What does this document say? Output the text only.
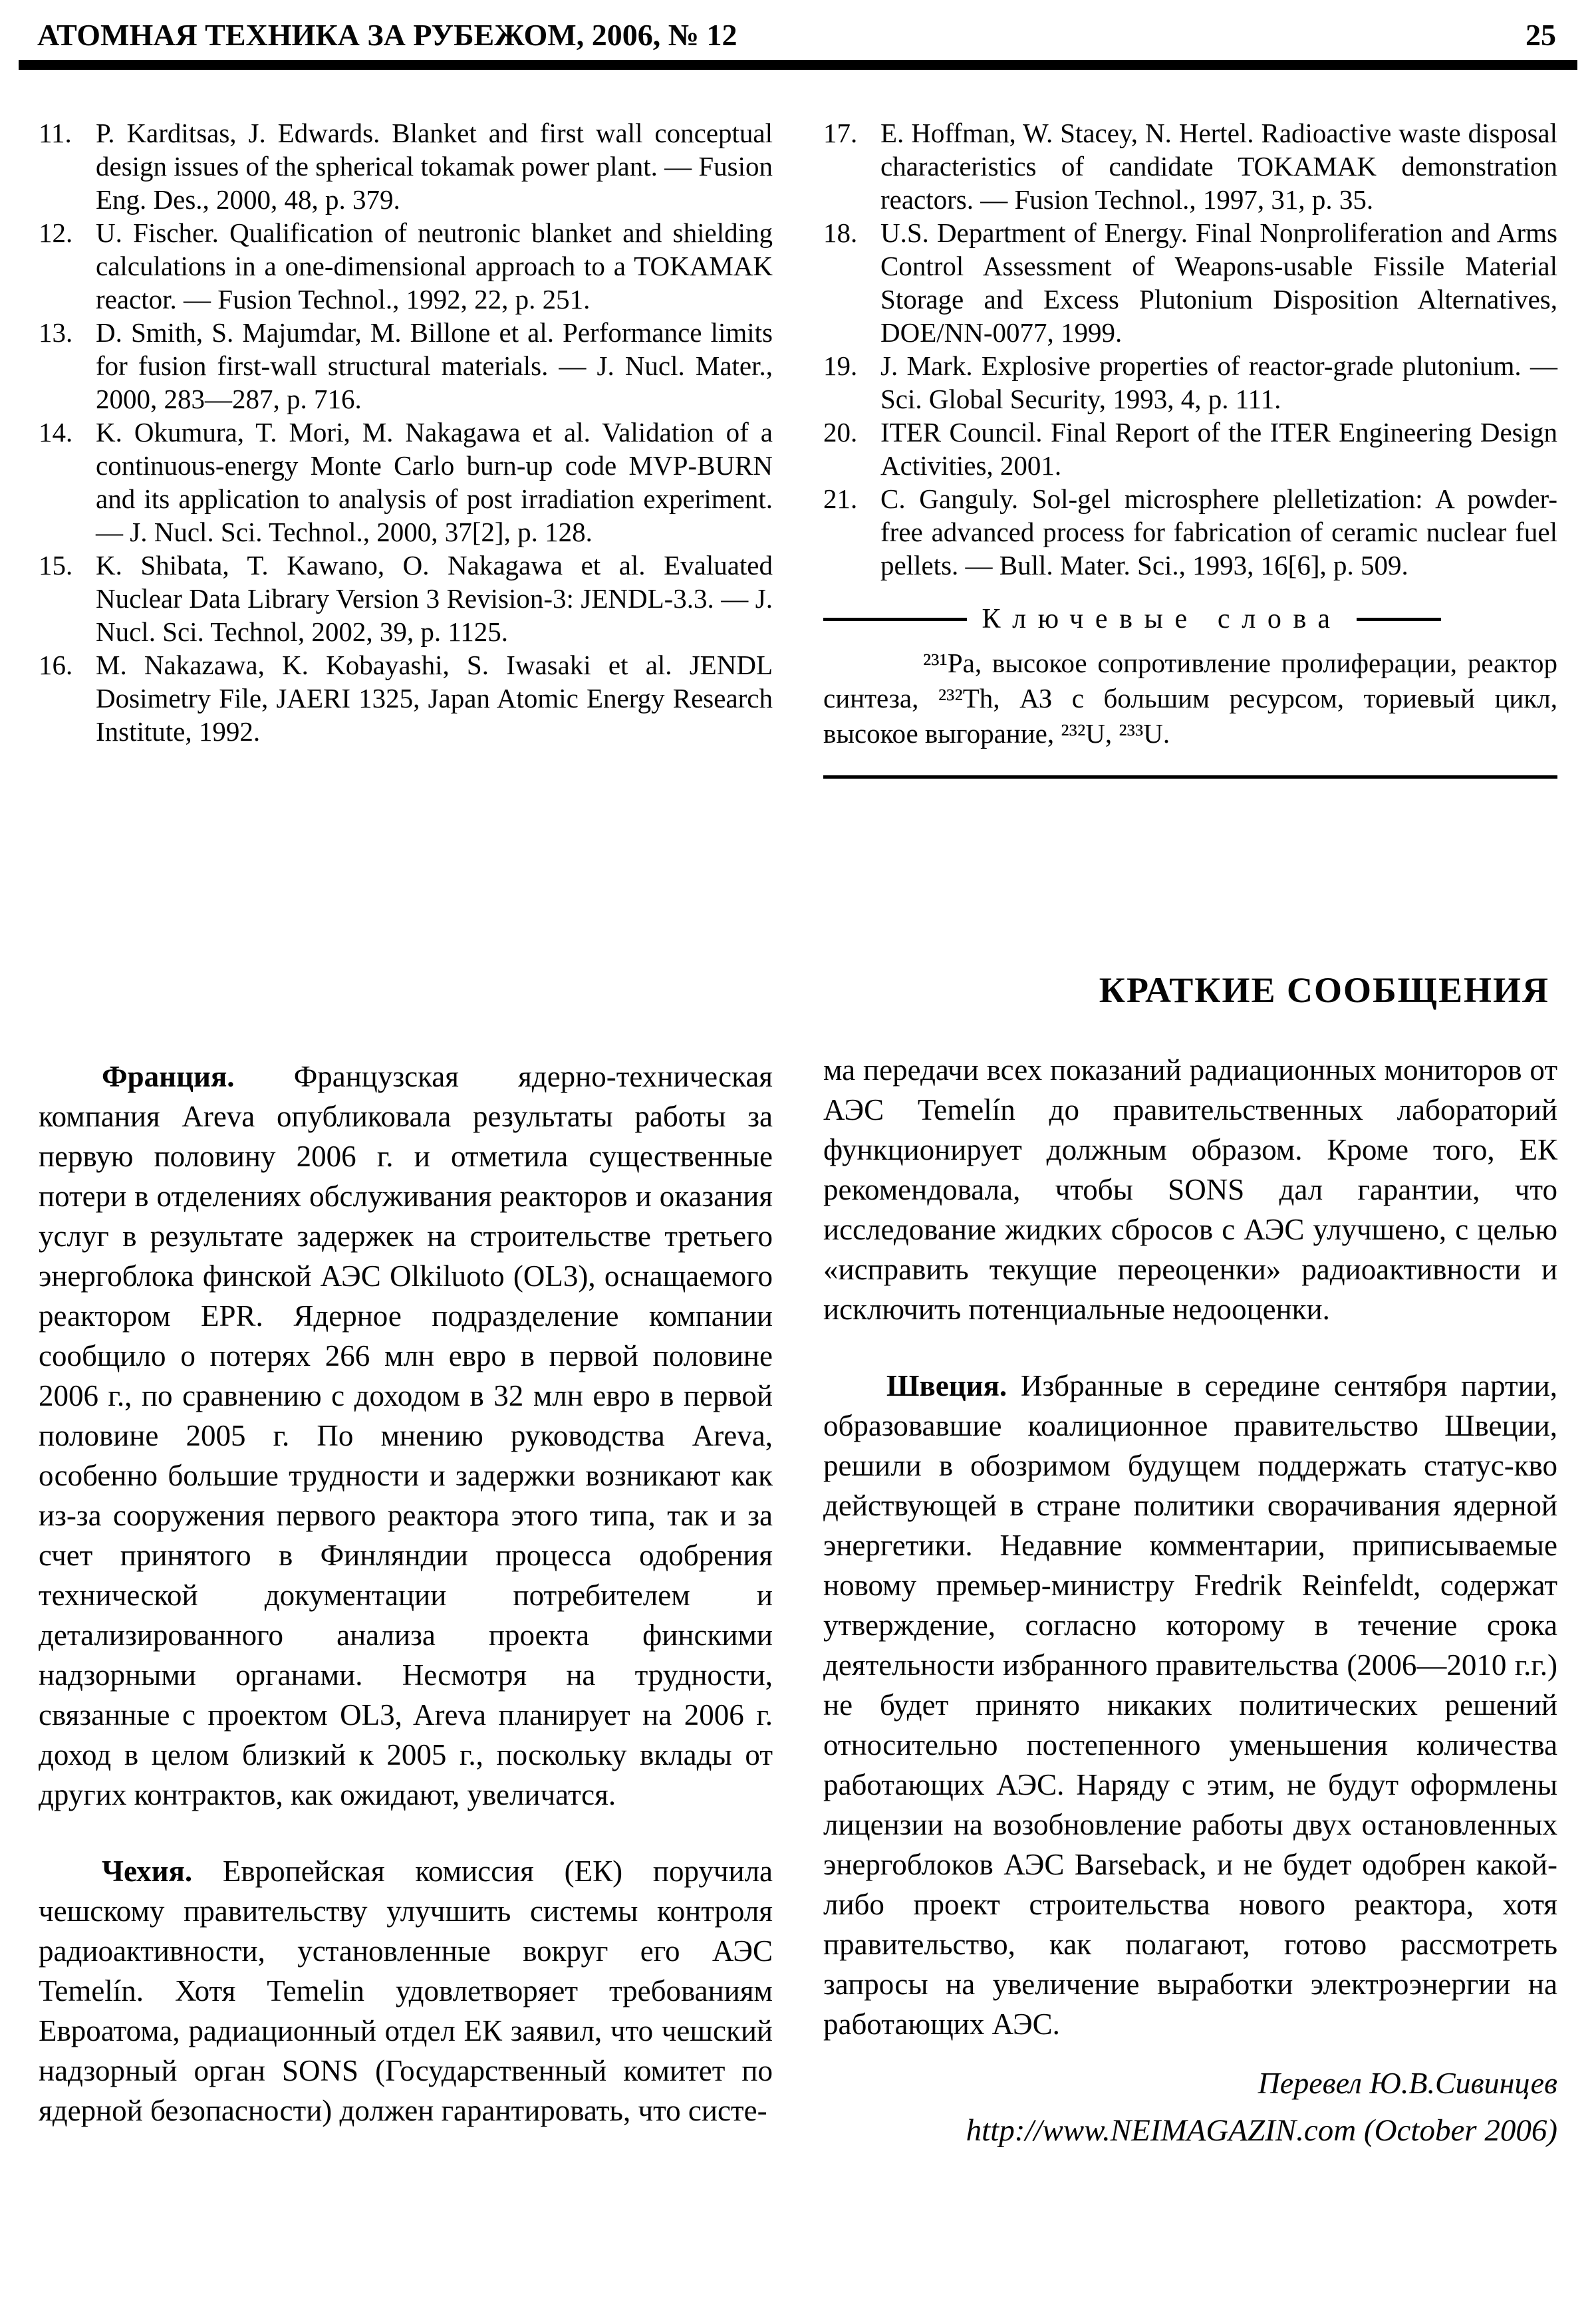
АТОМНАЯ ТЕХНИКА ЗА РУБЕЖОМ, 2006, № 12	25
11. P. Karditsas, J. Edwards. Blanket and first wall conceptual design issues of the spherical tokamak power plant. — Fusion Eng. Des., 2000, 48, p. 379.
12. U. Fischer. Qualification of neutronic blanket and shielding calculations in a one-dimensional approach to a TOKAMAK reactor. — Fusion Technol., 1992, 22, p. 251.
13. D. Smith, S. Majumdar, M. Billone et al. Performance limits for fusion first-wall structural materials. — J. Nucl. Mater., 2000, 283—287, p. 716.
14. K. Okumura, T. Mori, M. Nakagawa et al. Validation of a continuous-energy Monte Carlo burn-up code MVP-BURN and its application to analysis of post irradiation experiment. — J. Nucl. Sci. Technol., 2000, 37[2], p. 128.
15. K. Shibata, T. Kawano, O. Nakagawa et al. Evaluated Nuclear Data Library Version 3 Revision-3: JENDL-3.3. — J. Nucl. Sci. Technol, 2002, 39, p. 1125.
16. M. Nakazawa, K. Kobayashi, S. Iwasaki et al. JENDL Dosimetry File, JAERI 1325, Japan Atomic Energy Research Institute, 1992.
17. E. Hoffman, W. Stacey, N. Hertel. Radioactive waste disposal characteristics of candidate TOKAMAK demonstration reactors. — Fusion Technol., 1997, 31, p. 35.
18. U.S. Department of Energy. Final Nonproliferation and Arms Control Assessment of Weapons-usable Fissile Material Storage and Excess Plutonium Disposition Alternatives, DOE/NN-0077, 1999.
19. J. Mark. Explosive properties of reactor-grade plutonium. — Sci. Global Security, 1993, 4, p. 111.
20. ITER Council. Final Report of the ITER Engineering Design Activities, 2001.
21. C. Ganguly. Sol-gel microsphere plelletization: A powder-free advanced process for fabrication of ceramic nuclear fuel pellets. — Bull. Mater. Sci., 1993, 16[6], p. 509.
Ключевые слова
²³¹Pa, высокое сопротивление пролиферации, реактор синтеза, ²³²Th, АЗ с большим ресурсом, ториевый цикл, высокое выгорание, ²³²U, ²³³U.

Франция. Французская ядерно-техническая компания Areva опубликовала результаты работы за первую половину 2006 г. и отметила существенные потери в отделениях обслуживания реакторов и оказания услуг в результате задержек на строительстве третьего энергоблока финской АЭС Olkiluoto (OL3), оснащаемого реактором EPR. Ядерное подразделение компании сообщило о потерях 266 млн евро в первой половине 2006 г., по сравнению с доходом в 32 млн евро в первой половине 2005 г. По мнению руководства Areva, особенно большие трудности и задержки возникают как из-за сооружения первого реактора этого типа, так и за счет принятого в Финляндии процесса одобрения технической документации потребителем и детализированного анализа проекта финскими надзорными органами. Несмотря на трудности, связанные с проектом OL3, Areva планирует на 2006 г. доход в целом близкий к 2005 г., поскольку вклады от других контрактов, как ожидают, увеличатся.

Чехия. Европейская комиссия (ЕК) поручила чешскому правительству улучшить системы контроля радиоактивности, установленные вокруг его АЭС Temelín. Хотя Temelin удовлетворяет требованиям Евроатома, радиационный отдел ЕК заявил, что чешский надзорный орган SONS (Государственный комитет по ядерной безопасности) должен гарантировать, что систе-

КРАТКИЕ СООБЩЕНИЯ

ма передачи всех показаний радиационных мониторов от АЭС Temelín до правительственных лабораторий функционирует должным образом. Кроме того, ЕК рекомендовала, чтобы SONS дал гарантии, что исследование жидких сбросов с АЭС улучшено, с целью «исправить текущие переоценки» радиоактивности и исключить потенциальные недооценки.

Швеция. Избранные в середине сентября партии, образовавшие коалиционное правительство Швеции, решили в обозримом будущем поддержать статус-кво действующей в стране политики сворачивания ядерной энергетики. Недавние комментарии, приписываемые новому премьер-министру Fredrik Reinfeldt, содержат утверждение, согласно которому в течение срока деятельности избранного правительства (2006—2010 г.г.) не будет принято никаких политических решений относительно постепенного уменьшения количества работающих АЭС. Наряду с этим, не будут оформлены лицензии на возобновление работы двух остановленных энергоблоков АЭС Barseback, и не будет одобрен какой-либо проект строительства нового реактора, хотя правительство, как полагают, готово рассмотреть запросы на увеличение выработки электроэнергии на работающих АЭС.

Перевел Ю.В.Сивинцев
http://www.NEIMAGAZIN.com (October 2006)
